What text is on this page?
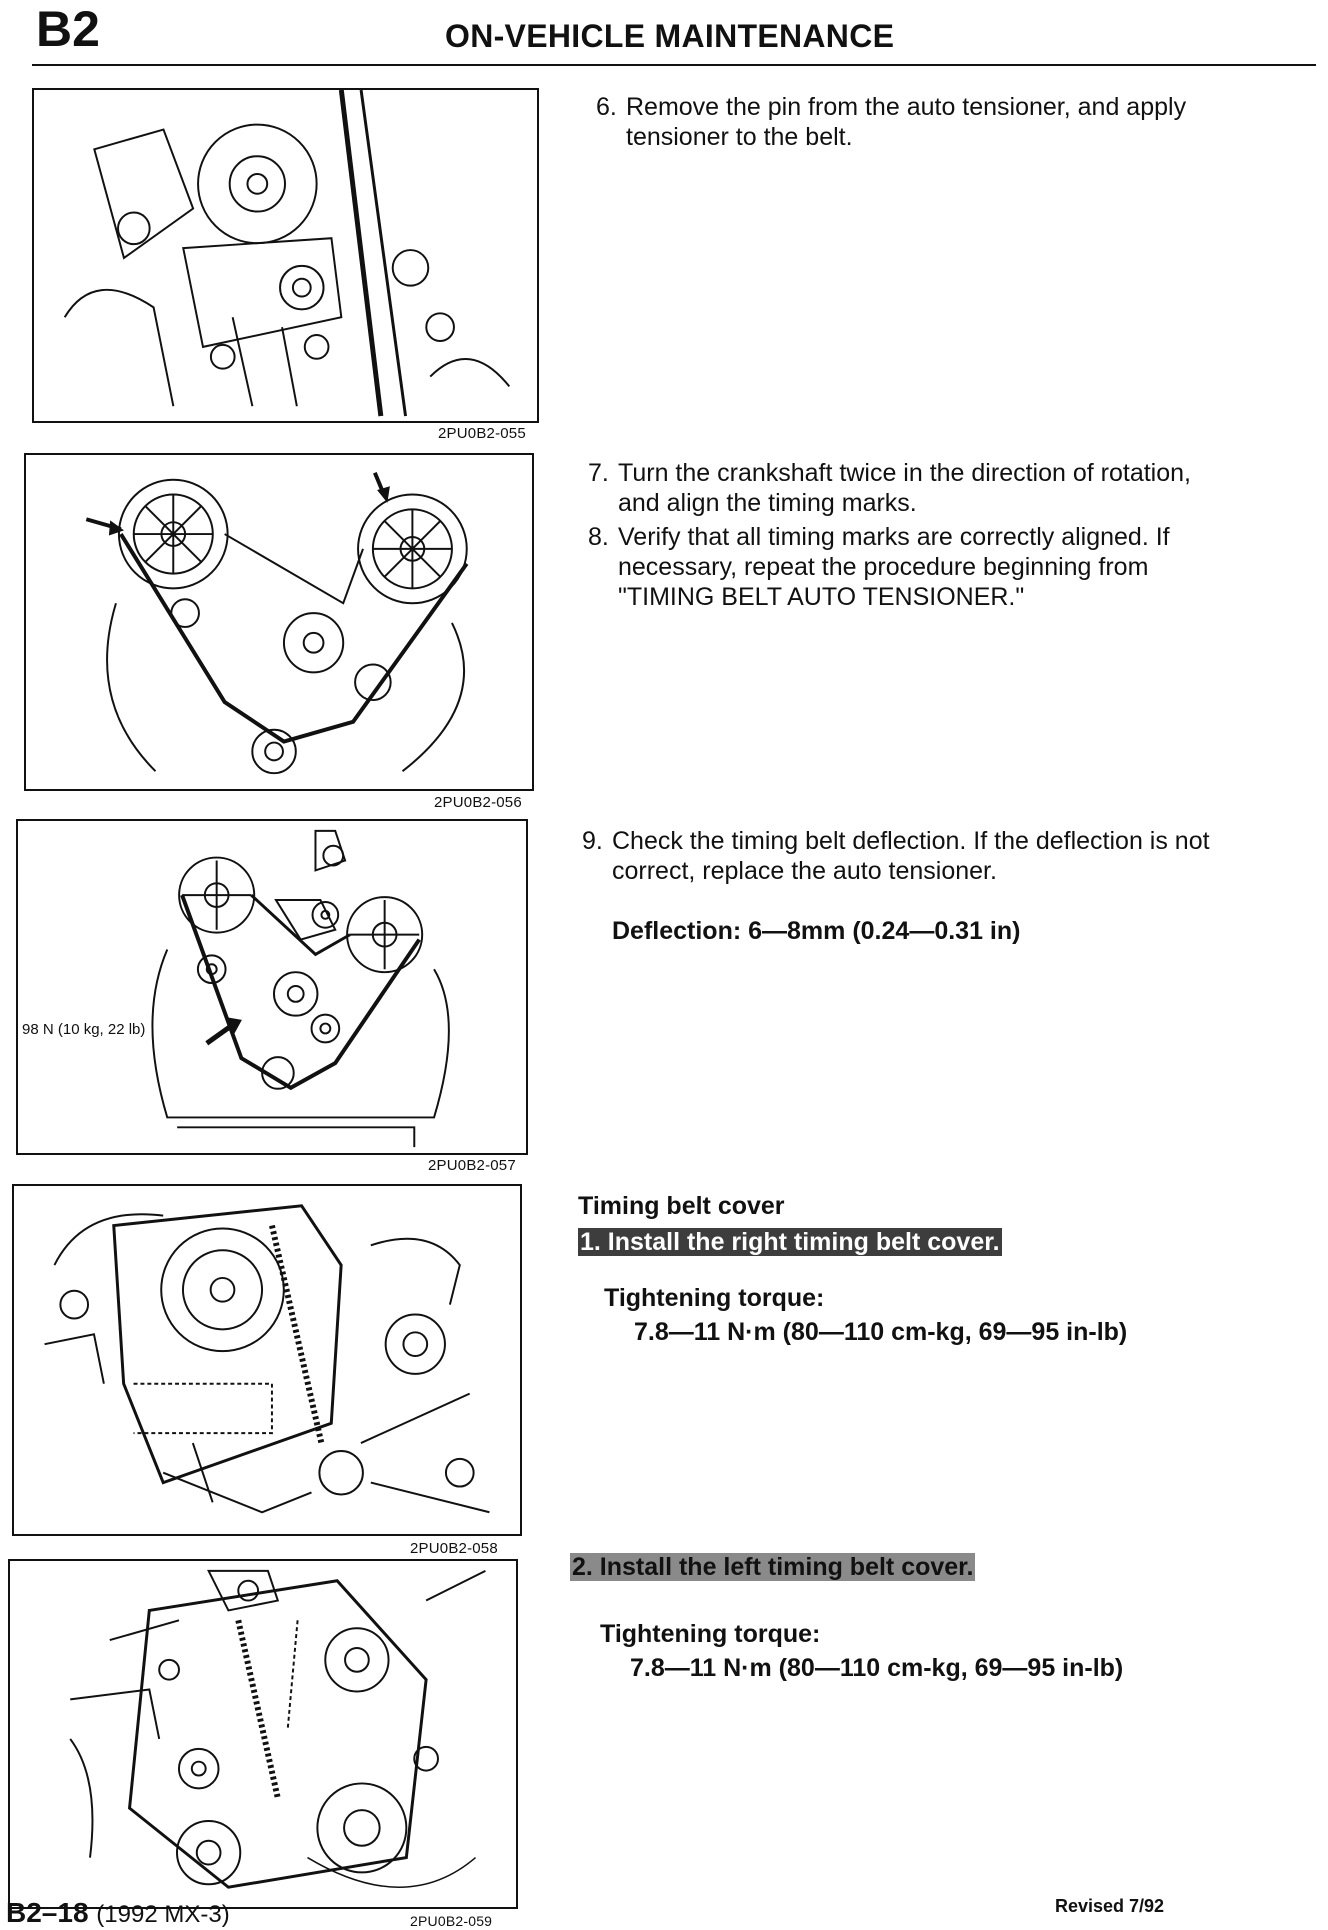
B2	ON-VEHICLE MAINTENANCE
2PU0B2-055
6. Remove the pin from the auto tensioner, and apply
tensioner to the belt.
2PU0B2-056
7. Turn the crankshaft twice in the direction of rotation,
and align the timing marks.
8. Verify that all timing marks are correctly aligned. If
necessary, repeat the procedure beginning from
"TIMING BELT AUTO TENSIONER."
98 N (10 kg, 22 lb)
2PU0B2-057
9. Check the timing belt deflection. If the deflection is not
correct, replace the auto tensioner.
Deflection: 6—8mm (0.24—0.31 in)
2PU0B2-058
Timing belt cover
1. Install the right timing belt cover.
Tightening torque:
7.8—11 N·m (80—110 cm-kg, 69—95 in-lb)
2PU0B2-059
2. Install the left timing belt cover.
Tightening torque:
7.8—11 N·m (80—110 cm-kg, 69—95 in-lb)
B2–18 (1992 MX-3)	Revised 7/92
